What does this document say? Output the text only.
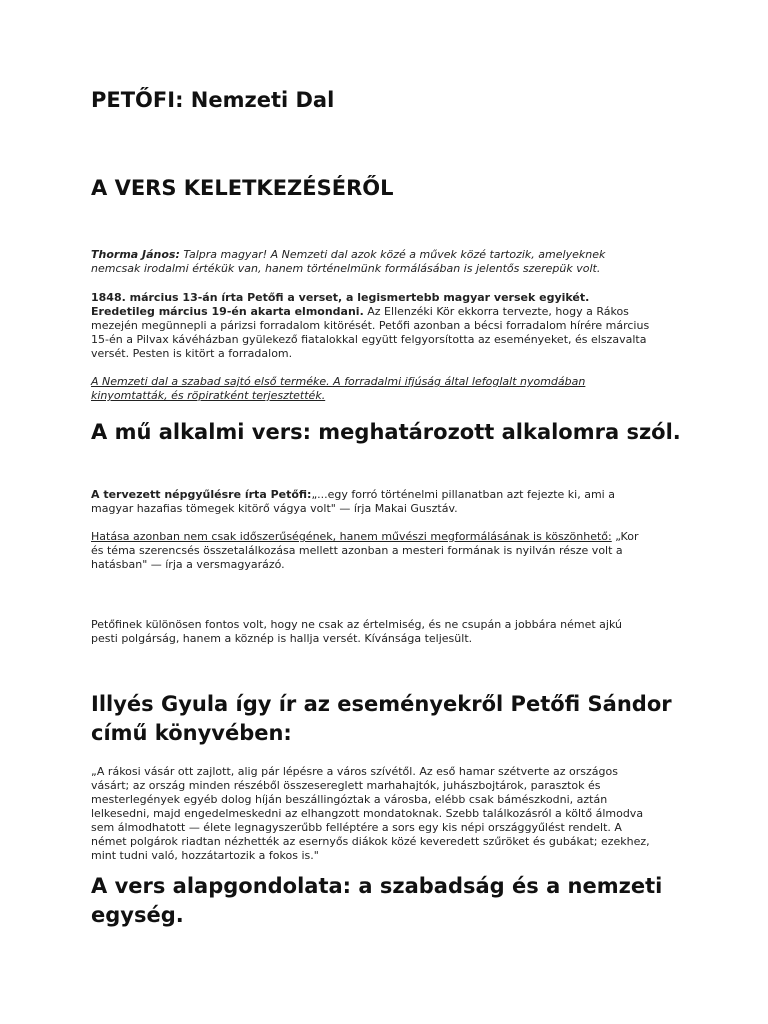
PETŐFI: Nemzeti Dal
A VERS KELETKEZÉSÉRŐL

Thorma János: Talpra magyar! A Nemzeti dal azok közé a művek közé tartozik, amelyeknek nemcsak irodalmi értékük van, hanem történelmünk formálásában is jelentős szerepük volt.

1848. március 13-án írta Petőfi a verset, a legismertebb magyar versek egyikét. Eredetileg március 19-én akarta elmondani. Az Ellenzéki Kör ekkorra tervezte, hogy a Rákos mezején megünnepli a párizsi forradalom kitörését. Petőfi azonban a bécsi forradalom hírére március 15-én a Pilvax kávéházban gyülekező fiatalokkal együtt felgyorsította az eseményeket, és elszavalta versét. Pesten is kitört a forradalom.

A Nemzeti dal a szabad sajtó első terméke. A forradalmi ifjúság által lefoglalt nyomdában kinyomtatták, és röpiratként terjesztették.

A mű alkalmi vers: meghatározott alkalomra szól.

A tervezett népgyűlésre írta Petőfi:„...egy forró történelmi pillanatban azt fejezte ki, ami a magyar hazafias tömegek kitörő vágya volt" — írja Makai Gusztáv.

Hatása azonban nem csak időszerűségének, hanem művészi megformálásának is köszönhető: „Kor és téma szerencsés összetalálkozása mellett azonban a mesteri formának is nyilván része volt a hatásban" — írja a versmagyarázó.

Petőfinek különösen fontos volt, hogy ne csak az értelmiség, és ne csupán a jobbára német ajkú pesti polgárság, hanem a köznép is hallja versét. Kívánsága teljesült.

Illyés Gyula így ír az eseményekről Petőfi Sándor című könyvében:

„A rákosi vásár ott zajlott, alig pár lépésre a város szívétől. Az eső hamar szétverte az országos vásárt; az ország minden részéből összesereglett marhahajtók, juhászbojtárok, parasztok és mesterlegények egyéb dolog híján beszállingóztak a városba, elébb csak bámészkodni, aztán lelkesedni, majd engedelmeskedni az elhangzott mondatoknak. Szebb találkozásról a költő álmodva sem álmodhatott — élete legnagyszerűbb felléptére a sors egy kis népi országgyűlést rendelt. A német polgárok riadtan nézhették az esernyős diákok közé keveredett szűröket és gubákat; ezekhez, mint tudni való, hozzátartozik a fokos is."

A vers alapgondolata: a szabadság és a nemzeti egység.
